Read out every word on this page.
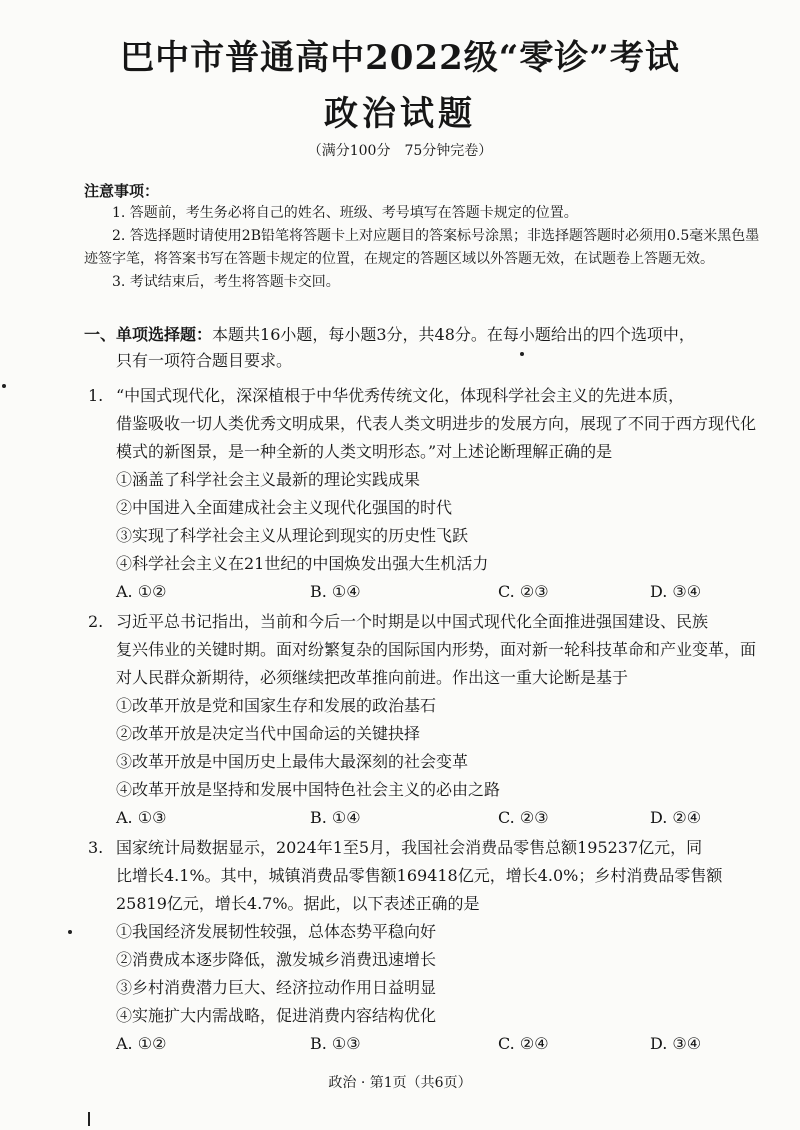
巴中市普通高中2022级“零诊”考试
政治试题
（满分100分　75分钟完卷）
注意事项：

1. 答题前，考生务必将自己的姓名、班级、考号填写在答题卡规定的位置。

2. 答选择题时请使用2B铅笔将答题卡上对应题目的答案标号涂黑；非选择题答题时必须用0.5毫米黑色墨迹签字笔，将答案书写在答题卡规定的位置，在规定的答题区域以外答题无效，在试题卷上答题无效。

3. 考试结束后，考生将答题卡交回。

一、单项选择题：本题共16小题，每小题3分，共48分。在每小题给出的四个选项中，

只有一项符合题目要求。

1. “中国式现代化，深深植根于中华优秀传统文化，体现科学社会主义的先进本质，
借鉴吸收一切人类优秀文明成果，代表人类文明进步的发展方向，展现了不同于西方现代化模式的新图景，是一种全新的人类文明形态。”对上述论断理解正确的是
①涵盖了科学社会主义最新的理论实践成果
②中国进入全面建成社会主义现代化强国的时代
③实现了科学社会主义从理论到现实的历史性飞跃
④科学社会主义在21世纪的中国焕发出强大生机活力
A. ①②	B. ①④	C. ②③	D. ③④
2. 习近平总书记指出，当前和今后一个时期是以中国式现代化全面推进强国建设、民族
复兴伟业的关键时期。面对纷繁复杂的国际国内形势，面对新一轮科技革命和产业变革，面对人民群众新期待，必须继续把改革推向前进。作出这一重大论断是基于
①改革开放是党和国家生存和发展的政治基石
②改革开放是决定当代中国命运的关键抉择
③改革开放是中国历史上最伟大最深刻的社会变革
④改革开放是坚持和发展中国特色社会主义的必由之路
A. ①③	B. ①④	C. ②③	D. ②④
3. 国家统计局数据显示，2024年1至5月，我国社会消费品零售总额195237亿元，同
比增长4.1%。其中，城镇消费品零售额169418亿元，增长4.0%；乡村消费品零售额25819亿元，增长4.7%。据此，以下表述正确的是
①我国经济发展韧性较强，总体态势平稳向好
②消费成本逐步降低，激发城乡消费迅速增长
③乡村消费潜力巨大、经济拉动作用日益明显
④实施扩大内需战略，促进消费内容结构优化
A. ①②	B. ①③	C. ②④	D. ③④
政治 · 第1页（共6页）
